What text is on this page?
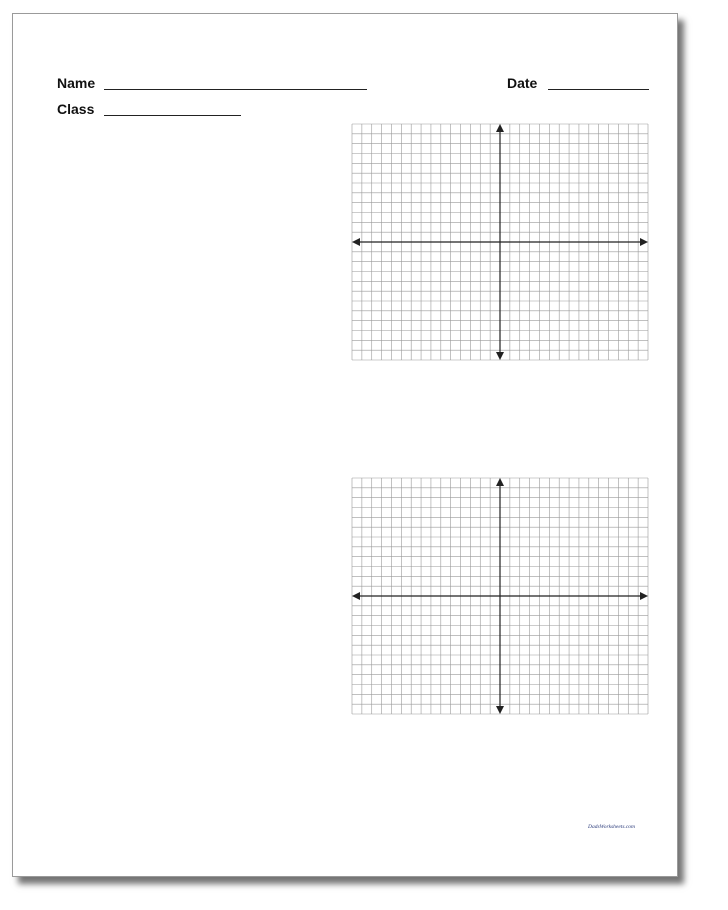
Name	Date
Class
DadsWorksheets.com
